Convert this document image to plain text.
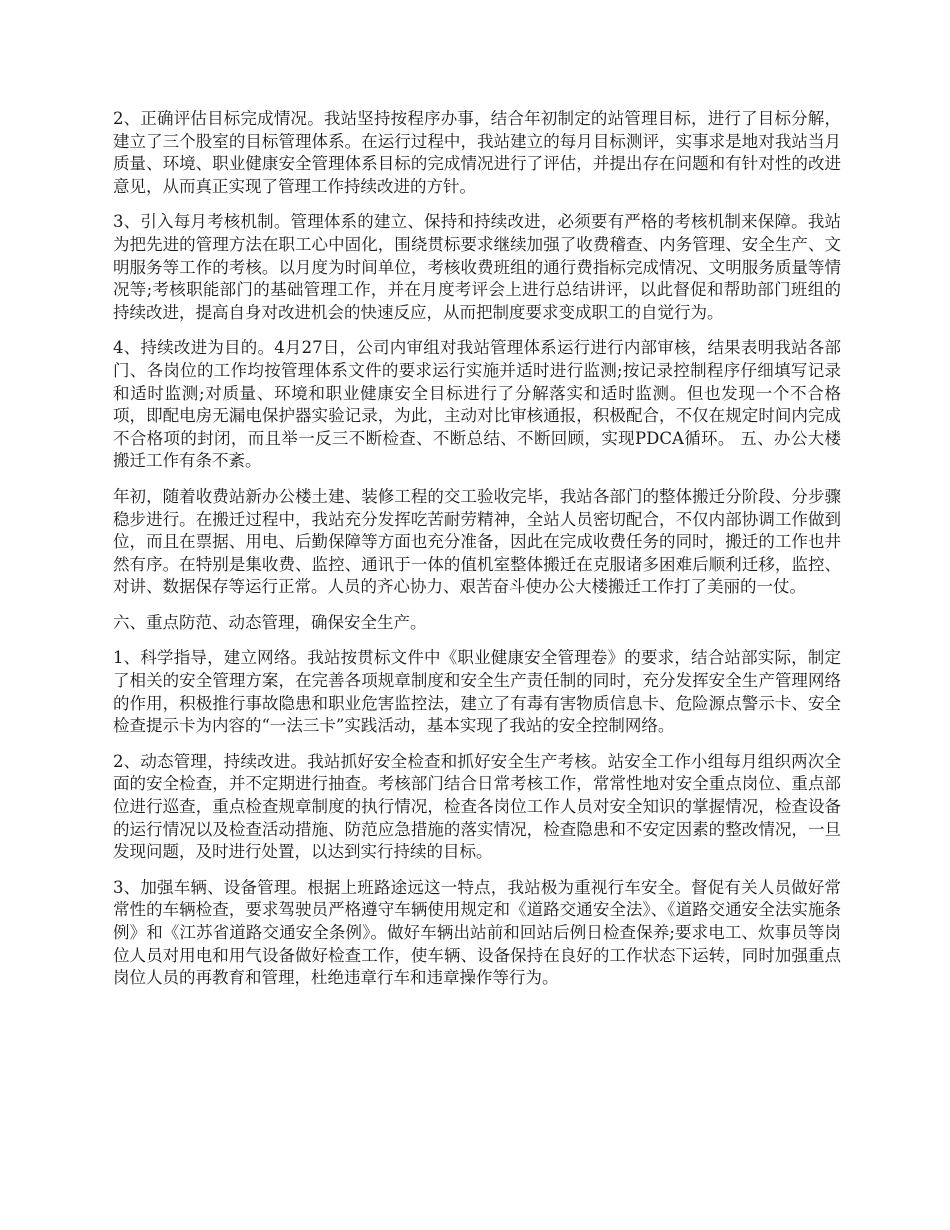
2、正确评估目标完成情况。我站坚持按程序办事，结合年初制定的站管理目标，进行了目标分解，建立了三个股室的目标管理体系。在运行过程中，我站建立的每月目标测评，实事求是地对我站当月质量、环境、职业健康安全管理体系目标的完成情况进行了评估，并提出存在问题和有针对性的改进意见，从而真正实现了管理工作持续改进的方针。

3、引入每月考核机制。管理体系的建立、保持和持续改进，必须要有严格的考核机制来保障。我站为把先进的管理方法在职工心中固化，围绕贯标要求继续加强了收费稽查、内务管理、安全生产、文明服务等工作的考核。以月度为时间单位，考核收费班组的通行费指标完成情况、文明服务质量等情况等;考核职能部门的基础管理工作，并在月度考评会上进行总结讲评，以此督促和帮助部门班组的持续改进，提高自身对改进机会的快速反应，从而把制度要求变成职工的自觉行为。

4、持续改进为目的。4月27日，公司内审组对我站管理体系运行进行内部审核，结果表明我站各部门、各岗位的工作均按管理体系文件的要求运行实施并适时进行监测;按记录控制程序仔细填写记录和适时监测;对质量、环境和职业健康安全目标进行了分解落实和适时监测。但也发现一个不合格项，即配电房无漏电保护器实验记录，为此，主动对比审核通报，积极配合，不仅在规定时间内完成不合格项的封闭，而且举一反三不断检查、不断总结、不断回顾，实现PDCA循环。 五、办公大楼搬迁工作有条不紊。

年初，随着收费站新办公楼土建、装修工程的交工验收完毕，我站各部门的整体搬迁分阶段、分步骤稳步进行。在搬迁过程中，我站充分发挥吃苦耐劳精神，全站人员密切配合，不仅内部协调工作做到位，而且在票据、用电、后勤保障等方面也充分准备，因此在完成收费任务的同时，搬迁的工作也井然有序。在特别是集收费、监控、通讯于一体的值机室整体搬迁在克服诸多困难后顺利迁移，监控、对讲、数据保存等运行正常。人员的齐心协力、艰苦奋斗使办公大楼搬迁工作打了美丽的一仗。

六、重点防范、动态管理，确保安全生产。

1、科学指导，建立网络。我站按贯标文件中《职业健康安全管理卷》的要求，结合站部实际，制定了相关的安全管理方案，在完善各项规章制度和安全生产责任制的同时，充分发挥安全生产管理网络的作用，积极推行事故隐患和职业危害监控法，建立了有毒有害物质信息卡、危险源点警示卡、安全检查提示卡为内容的“一法三卡”实践活动，基本实现了我站的安全控制网络。

2、动态管理，持续改进。我站抓好安全检查和抓好安全生产考核。站安全工作小组每月组织两次全面的安全检查，并不定期进行抽查。考核部门结合日常考核工作，常常性地对安全重点岗位、重点部位进行巡查，重点检查规章制度的执行情况，检查各岗位工作人员对安全知识的掌握情况，检查设备的运行情况以及检查活动措施、防范应急措施的落实情况，检查隐患和不安定因素的整改情况，一旦发现问题，及时进行处置，以达到实行持续的目标。

3、加强车辆、设备管理。根据上班路途远这一特点，我站极为重视行车安全。督促有关人员做好常常性的车辆检查，要求驾驶员严格遵守车辆使用规定和《道路交通安全法》、《道路交通安全法实施条例》和《江苏省道路交通安全条例》。做好车辆出站前和回站后例日检查保养;要求电工、炊事员等岗位人员对用电和用气设备做好检查工作，使车辆、设备保持在良好的工作状态下运转，同时加强重点岗位人员的再教育和管理，杜绝违章行车和违章操作等行为。
